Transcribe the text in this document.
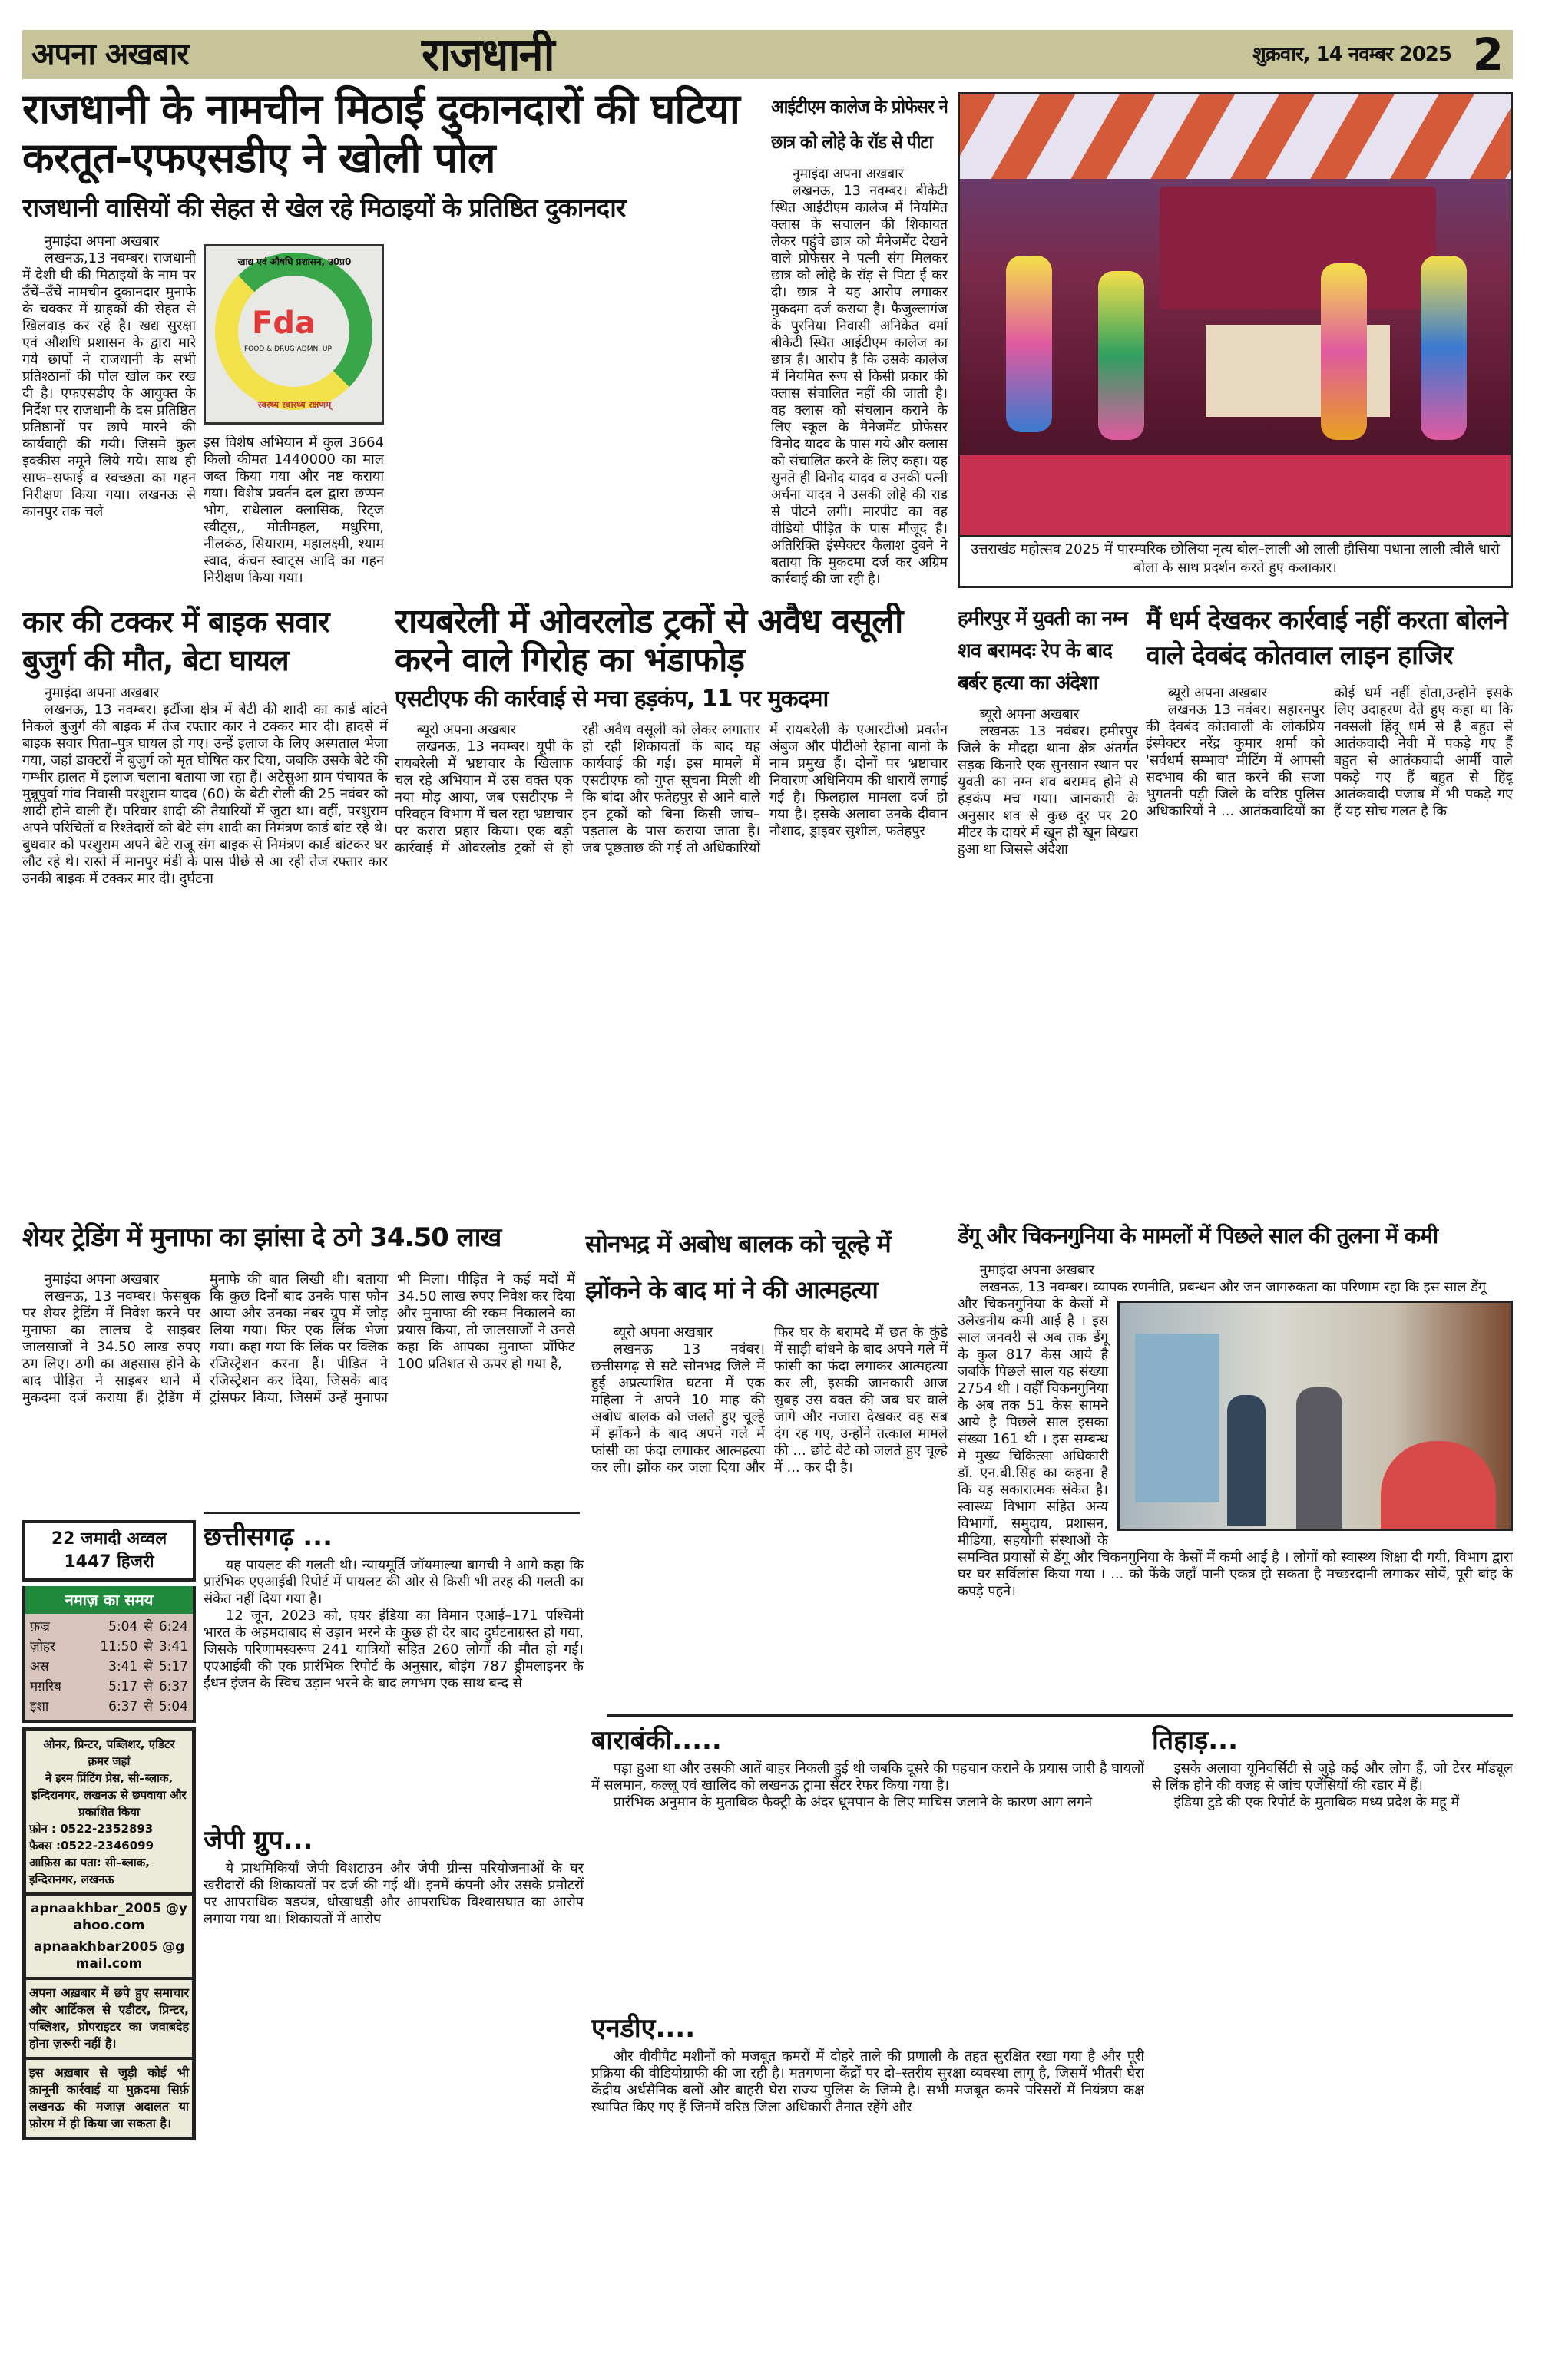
अपना अखबार	राजधानी	शुक्रवार, 14 नवम्बर 2025 2
राजधानी के नामचीन मिठाई दुकानदारों की घटिया करतूत-एफएसडीए ने खोली पोल
राजधानी वासियों की सेहत से खेल रहे मिठाइयों के प्रतिष्ठित दुकानदार
नुमाइंदा अपना अखबार

लखनऊ,13 नवम्बर। राजधानी में देशी घी की मिठाइयों के नाम पर उँचें–उँचें नामचीन दुकानदार मुनाफे के चक्कर में ग्राहकों की सेहत से खिलवाड़ कर रहे है। खद्य सुरक्षा एवं औशधि प्रशासन के द्वारा मारे गये छापों ने राजधानी के सभी प्रतिश्ठानों की पोल खोल कर रख दी है। एफएसडीए के आयुक्त के निर्देश पर राजधानी के दस प्रतिष्ठित प्रतिष्ठानों पर छापे मारने की कार्यवाही की गयी। जिसमे कुल इक्कीस नमूने लिये गये। साथ ही साफ–सफाई व स्वच्छता का गहन निरीक्षण किया गया। लखनऊ से कानपुर तक चले

Fda
FOOD & DRUG ADMN. UP
खाद्य एवं औषधि प्रशासन, उ0प्र0
स्वस्थ्य स्वास्थ्य रक्षणम्

इस विशेष अभियान में कुल 3664 किलो कीमत 1440000 का माल जब्त किया गया और नष्ट कराया गया। विशेष प्रवर्तन दल द्वारा छप्पन भोग, राधेलाल क्लासिक, रिट्ज स्वीट्स,, मोतीमहल, मधुरिमा, नीलकंठ, सियाराम, महालक्ष्मी, श्याम स्वाद, कंचन स्वाट्स आदि का गहन निरीक्षण किया गया।

आईटीएम कालेज के प्रोफेसर ने छात्र को लोहे के रॉड से पीटा
नुमाइंदा अपना अखबार

लखनऊ, 13 नवम्बर। बीकेटी स्थित आईटीएम कालेज में नियमित क्लास के सचालन की शिकायत लेकर पहुंचे छात्र को मैनेजमेंट देखने वाले प्रोफेसर ने पत्नी संग मिलकर छात्र को लोहे के रॉड़ से पिटा ई कर दी। छात्र ने यह आरोप लगाकर मुकदमा दर्ज कराया है। फैजुल्लागंज के पुरनिया निवासी अनिकेत वर्मा बीकेटी स्थित आईटीएम कालेज का छात्र है। आरोप है कि उसके कालेज में नियमित रूप से किसी प्रकार की क्लास संचालित नहीं की जाती है। वह क्लास को संचलान कराने के लिए स्कूल के मैनेजमेंट प्रोफेसर विनोद यादव के पास गये और क्लास को संचालित करने के लिए कहा। यह सुनते ही विनोद यादव व उनकी पत्नी अर्चना यादव ने उसकी लोहे की राड से पीटने लगी। मारपीट का वह वीडियो पीड़ित के पास मौजूद है। अतिरिक्ति इंस्पेक्टर कैलाश दुबने ने बताया कि मुकदमा दर्ज कर अग्रिम कार्रवाई की जा रही है।

उत्तराखंड महोत्सव 2025 में पारम्परिक छोलिया नृत्य बोल–लाली ओ लाली हौसिया पधाना लाली त्वीलै धारो बोला के साथ प्रदर्शन करते हुए कलाकार।
कार की टक्कर में बाइक सवार बुजुर्ग की मौत, बेटा घायल
नुमाइंदा अपना अखबार

लखनऊ, 13 नवम्बर। इटौंजा क्षेत्र में बेटी की शादी का कार्ड बांटने निकले बुजुर्ग की बाइक में तेज रफ्तार कार ने टक्कर मार दी। हादसे में बाइक सवार पिता–पुत्र घायल हो गए। उन्हें इलाज के लिए अस्पताल भेजा गया, जहां डाक्टरों ने बुजुर्ग को मृत घोषित कर दिया, जबकि उसके बेटे की गम्भीर हालत में इलाज चलाना बताया जा रहा हैं। अटेसुआ ग्राम पंचायत के मुन्नूपुर्वा गांव निवासी परशुराम यादव (60) के बेटी रोली की 25 नवंबर को शादी होने वाली हैं। परिवार शादी की तैयारियों में जुटा था। वहीं, परशुराम अपने परिचितों व रिश्तेदारों को बेटे संग शादी का निमंत्रण कार्ड बांट रहे थे। बुधवार को परशुराम अपने बेटे राजू संग बाइक से निमंत्रण कार्ड बांटकर घर लौट रहे थे। रास्ते में मानपुर मंडी के पास पीछे से आ रही तेज रफ्तार कार उनकी बाइक में टक्कर मार दी। दुर्घटना

रायबरेली में ओवरलोड ट्रकों से अवैध वसूली करने वाले गिरोह का भंडाफोड़
एसटीएफ की कार्रवाई से मचा हड़कंप, 11 पर मुकदमा
ब्यूरो अपना अखबार

लखनऊ, 13 नवम्बर। यूपी के रायबरेली में भ्रष्टाचार के खिलाफ चल रहे अभियान में उस वक्त एक नया मोड़ आया, जब एसटीएफ ने परिवहन विभाग में चल रहा भ्रष्टाचार पर करारा प्रहार किया। एक बड़ी कार्रवाई में ओवरलोड ट्रकों से हो रही अवैध वसूली को लेकर लगातार हो रही शिकायतों के बाद यह कार्यवाई की गई। इस मामले में एसटीएफ को गुप्त सूचना मिली थी कि बांदा और फतेहपुर से आने वाले इन ट्रकों को बिना किसी जांच–पड़ताल के पास कराया जाता है। जब पूछताछ की गई तो अधिकारियों में रायबरेली के एआरटीओ प्रवर्तन अंबुज और पीटीओ रेहाना बानो के नाम प्रमुख हैं। दोनों पर भ्रष्टाचार निवारण अधिनियम की धारायें लगाई गई है। फिलहाल मामला दर्ज हो गया है। इसके अलावा उनके दीवान नौशाद, ड्राइवर सुशील, फतेहपुर

हमीरपुर में युवती का नग्न शव बरामदः रेप के बाद बर्बर हत्या का अंदेशा
ब्यूरो अपना अखबार

लखनऊ 13 नवंबर। हमीरपुर जिले के मौदहा थाना क्षेत्र अंतर्गत सड़क किनारे एक सुनसान स्थान पर युवती का नग्न शव बरामद होने से हड़कंप मच गया। जानकारी के अनुसार शव से कुछ दूर पर 20 मीटर के दायरे में खून ही खून बिखरा हुआ था जिससे अंदेशा

मैं धर्म देखकर कार्रवाई नहीं करता बोलने वाले देवबंद कोतवाल लाइन हाजिर
ब्यूरो अपना अखबार

लखनऊ 13 नवंबर। सहारनपुर की देवबंद कोतवाली के लोकप्रिय इंस्पेक्टर नरेंद्र कुमार शर्मा को 'सर्वधर्म सम्भाव' मीटिंग में आपसी सदभाव की बात करने की सजा भुगतनी पड़ी जिले के वरिष्ठ पुलिस अधिकारियों ने ... आतंकवादियों का कोई धर्म नहीं होता,उन्होंने इसके लिए उदाहरण देते हुए कहा था कि नक्सली हिंदू धर्म से है बहुत से आतंकवादी नेवी में पकड़े गए हैं बहुत से आतंकवादी आर्मी वाले पकड़े गए हैं बहुत से हिंदू आतंकवादी पंजाब में भी पकड़े गए हैं यह सोच गलत है कि

शेयर ट्रेडिंग में मुनाफा का झांसा दे ठगे 34.50 लाख
नुमाइंदा अपना अखबार

लखनऊ, 13 नवम्बर। फेसबुक पर शेयर ट्रेडिंग में निवेश करने पर मुनाफा का लालच दे साइबर जालसाजों ने 34.50 लाख रुपए ठग लिए। ठगी का अहसास होने के बाद पीड़ित ने साइबर थाने में मुकदमा दर्ज कराया हैं। ट्रेडिंग में मुनाफे की बात लिखी थी। बताया कि कुछ दिनों बाद उनके पास फोन आया और उनका नंबर ग्रुप में जोड़ लिया गया। फिर एक लिंक भेजा गया। कहा गया कि लिंक पर क्लिक रजिस्ट्रेशन करना हैं। पीड़ित ने रजिस्ट्रेशन कर दिया, जिसके बाद ट्रांसफर किया, जिसमें उन्हें मुनाफा भी मिला। पीड़ित ने कई मदों में 34.50 लाख रुपए निवेश कर दिया और मुनाफा की रकम निकालने का प्रयास किया, तो जालसाजों ने उनसे कहा कि आपका मुनाफा प्रॉफिट 100 प्रतिशत से ऊपर हो गया है,

सोनभद्र में अबोध बालक को चूल्हे में झोंकने के बाद मां ने की आत्महत्या
ब्यूरो अपना अखबार

लखनऊ 13 नवंबर। छत्तीसगढ़ से सटे सोनभद्र जिले में हुई अप्रत्याशित घटना में एक महिला ने अपने 10 माह की अबोध बालक को जलते हुए चूल्हे में झोंकने के बाद अपने गले में फांसी का फंदा लगाकर आत्महत्या कर ली। झोंक कर जला दिया और फिर घर के बरामदे में छत के कुंडे में साड़ी बांधने के बाद अपने गले में फांसी का फंदा लगाकर आत्महत्या कर ली, इसकी जानकारी आज सुबह उस वक्त की जब घर वाले जागे और नजारा देखकर वह सब दंग रह गए, उन्होंने तत्काल मामले की ... छोटे बेटे को जलते हुए चूल्हे में ... कर दी है।

डेंगू और चिकनगुनिया के मामलों में पिछले साल की तुलना में कमी
नुमाइंदा अपना अखबार

लखनऊ, 13 नवम्बर। व्यापक रणनीति, प्रबन्धन और जन जागरुकता का परिणाम रहा कि इस साल डेंगू

और चिकनगुनिया के केसों में उलेखनीय कमी आई है । इस साल जनवरी से अब तक डेंगू के कुल 817 केस आये है जबकि पिछले साल यह संख्या 2754 थी । वहीँ चिकनगुनिया के अब तक 51 केस सामने आये है पिछले साल इसका संख्या 161 थी । इस सम्बन्ध में मुख्य चिकित्सा अधिकारी डॉ. एन.बी.सिंह का कहना है कि यह सकारात्मक संकेत है। स्वास्थ्य विभाग सहित अन्य विभागों, समुदाय, प्रशासन, मीडिया, सहयोगी संस्थाओं के समन्वित प्रयासों से डेंगू और चिकनगुनिया के केसों में कमी आई है । लोगों को स्वास्थ्य शिक्षा दी गयी, विभाग द्वारा घर घर सर्विलांस किया गया । ... को फेंके जहाँ पानी एकत्र हो सकता है मच्छरदानी लगाकर सोयें, पूरी बांह के कपड़े पहने।

छत्तीसगढ़ ...

यह पायलट की गलती थी। न्यायमूर्ति जॉयमाल्या बागची ने आगे कहा कि प्रारंभिक एएआईबी रिपोर्ट में पायलट की ओर से किसी भी तरह की गलती का संकेत नहीं दिया गया है।

12 जून, 2023 को, एयर इंडिया का विमान एआई–171 पश्चिमी भारत के अहमदाबाद से उड़ान भरने के कुछ ही देर बाद दुर्घटनाग्रस्त हो गया, जिसके परिणामस्वरूप 241 यात्रियों सहित 260 लोगों की मौत हो गई। एएआईबी की एक प्रारंभिक रिपोर्ट के अनुसार, बोइंग 787 ड्रीमलाइनर के ईंधन इंजन के स्विच उड़ान भरने के बाद लगभग एक साथ बन्द से

जेपी ग्रुप...

ये प्राथमिकियाँ जेपी विशटाउन और जेपी ग्रीन्स परियोजनाओं के घर खरीदारों की शिकायतों पर दर्ज की गई थीं। इनमें कंपनी और उसके प्रमोटरों पर आपराधिक षडयंत्र, धोखाधड़ी और आपराधिक विश्वासघात का आरोप लगाया गया था। शिकायतों में आरोप

बाराबंकी.....

पड़ा हुआ था और उसकी आतें बाहर निकली हुई थी जबकि दूसरे की पहचान कराने के प्रयास जारी है घायलों में सलमान, कल्लू एवं खालिद को लखनऊ ट्रामा सेंटर रेफर किया गया है।

प्रारंभिक अनुमान के मुताबिक फैक्ट्री के अंदर धूमपान के लिए माचिस जलाने के कारण आग लगने

एनडीए....

और वीवीपैट मशीनों को मजबूत कमरों में दोहरे ताले की प्रणाली के तहत सुरक्षित रखा गया है और पूरी प्रक्रिया की वीडियोग्राफी की जा रही है। मतगणना केंद्रों पर दो–स्तरीय सुरक्षा व्यवस्था लागू है, जिसमें भीतरी घेरा केंद्रीय अर्धसैनिक बलों और बाहरी घेरा राज्य पुलिस के जिम्मे है। सभी मजबूत कमरे परिसरों में नियंत्रण कक्ष स्थापित किए गए हैं जिनमें वरिष्ठ जिला अधिकारी तैनात रहेंगे और

तिहाड़...

इसके अलावा यूनिवर्सिटी से जुड़े कई और लोग हैं, जो टेरर मॉड्यूल से लिंक होने की वजह से जांच एजेंसियों की रडार में हैं।

इंडिया टुडे की एक रिपोर्ट के मुताबिक मध्य प्रदेश के महू में

22 जमादी अव्वल
1447 हिजरी
नमाज़ का समय
फ़ज्र	5:04 से 6:24
ज़ोहर	11:50 से 3:41
अस्र	3:41 से 5:17
मग़रिब	5:17 से 6:37
इशा	6:37 से 5:04
ओनर, प्रिन्टर, पब्लिशर, एडिटर
क़मर जहां
ने इरम प्रिंटिंग प्रेस, सी–ब्लाक, इन्दिरानगर, लखनऊ से छपवाया और प्रकाशित किया
फ़ोन : 0522-2352893
फ़ैक्स :0522-2346099
आफ़िस का पता: सी–ब्लाक, इन्दिरानगर, लखनऊ
apnaakhbar_2005 @yahoo.com
apnaakhbar2005 @gmail.com
अपना अख़बार में छपे हुए समाचार और आर्टिकल से एडीटर, प्रिन्टर, पब्लिशर, प्रोपराइटर का जवाबदेह होना ज़रूरी नहीं है।
इस अख़बार से जुड़ी कोई भी क़ानूनी कार्रवाई या मुक़दमा सिर्फ़ लखनऊ की मजाज़ अदालत या फ़ोरम में ही किया जा सकता है।
